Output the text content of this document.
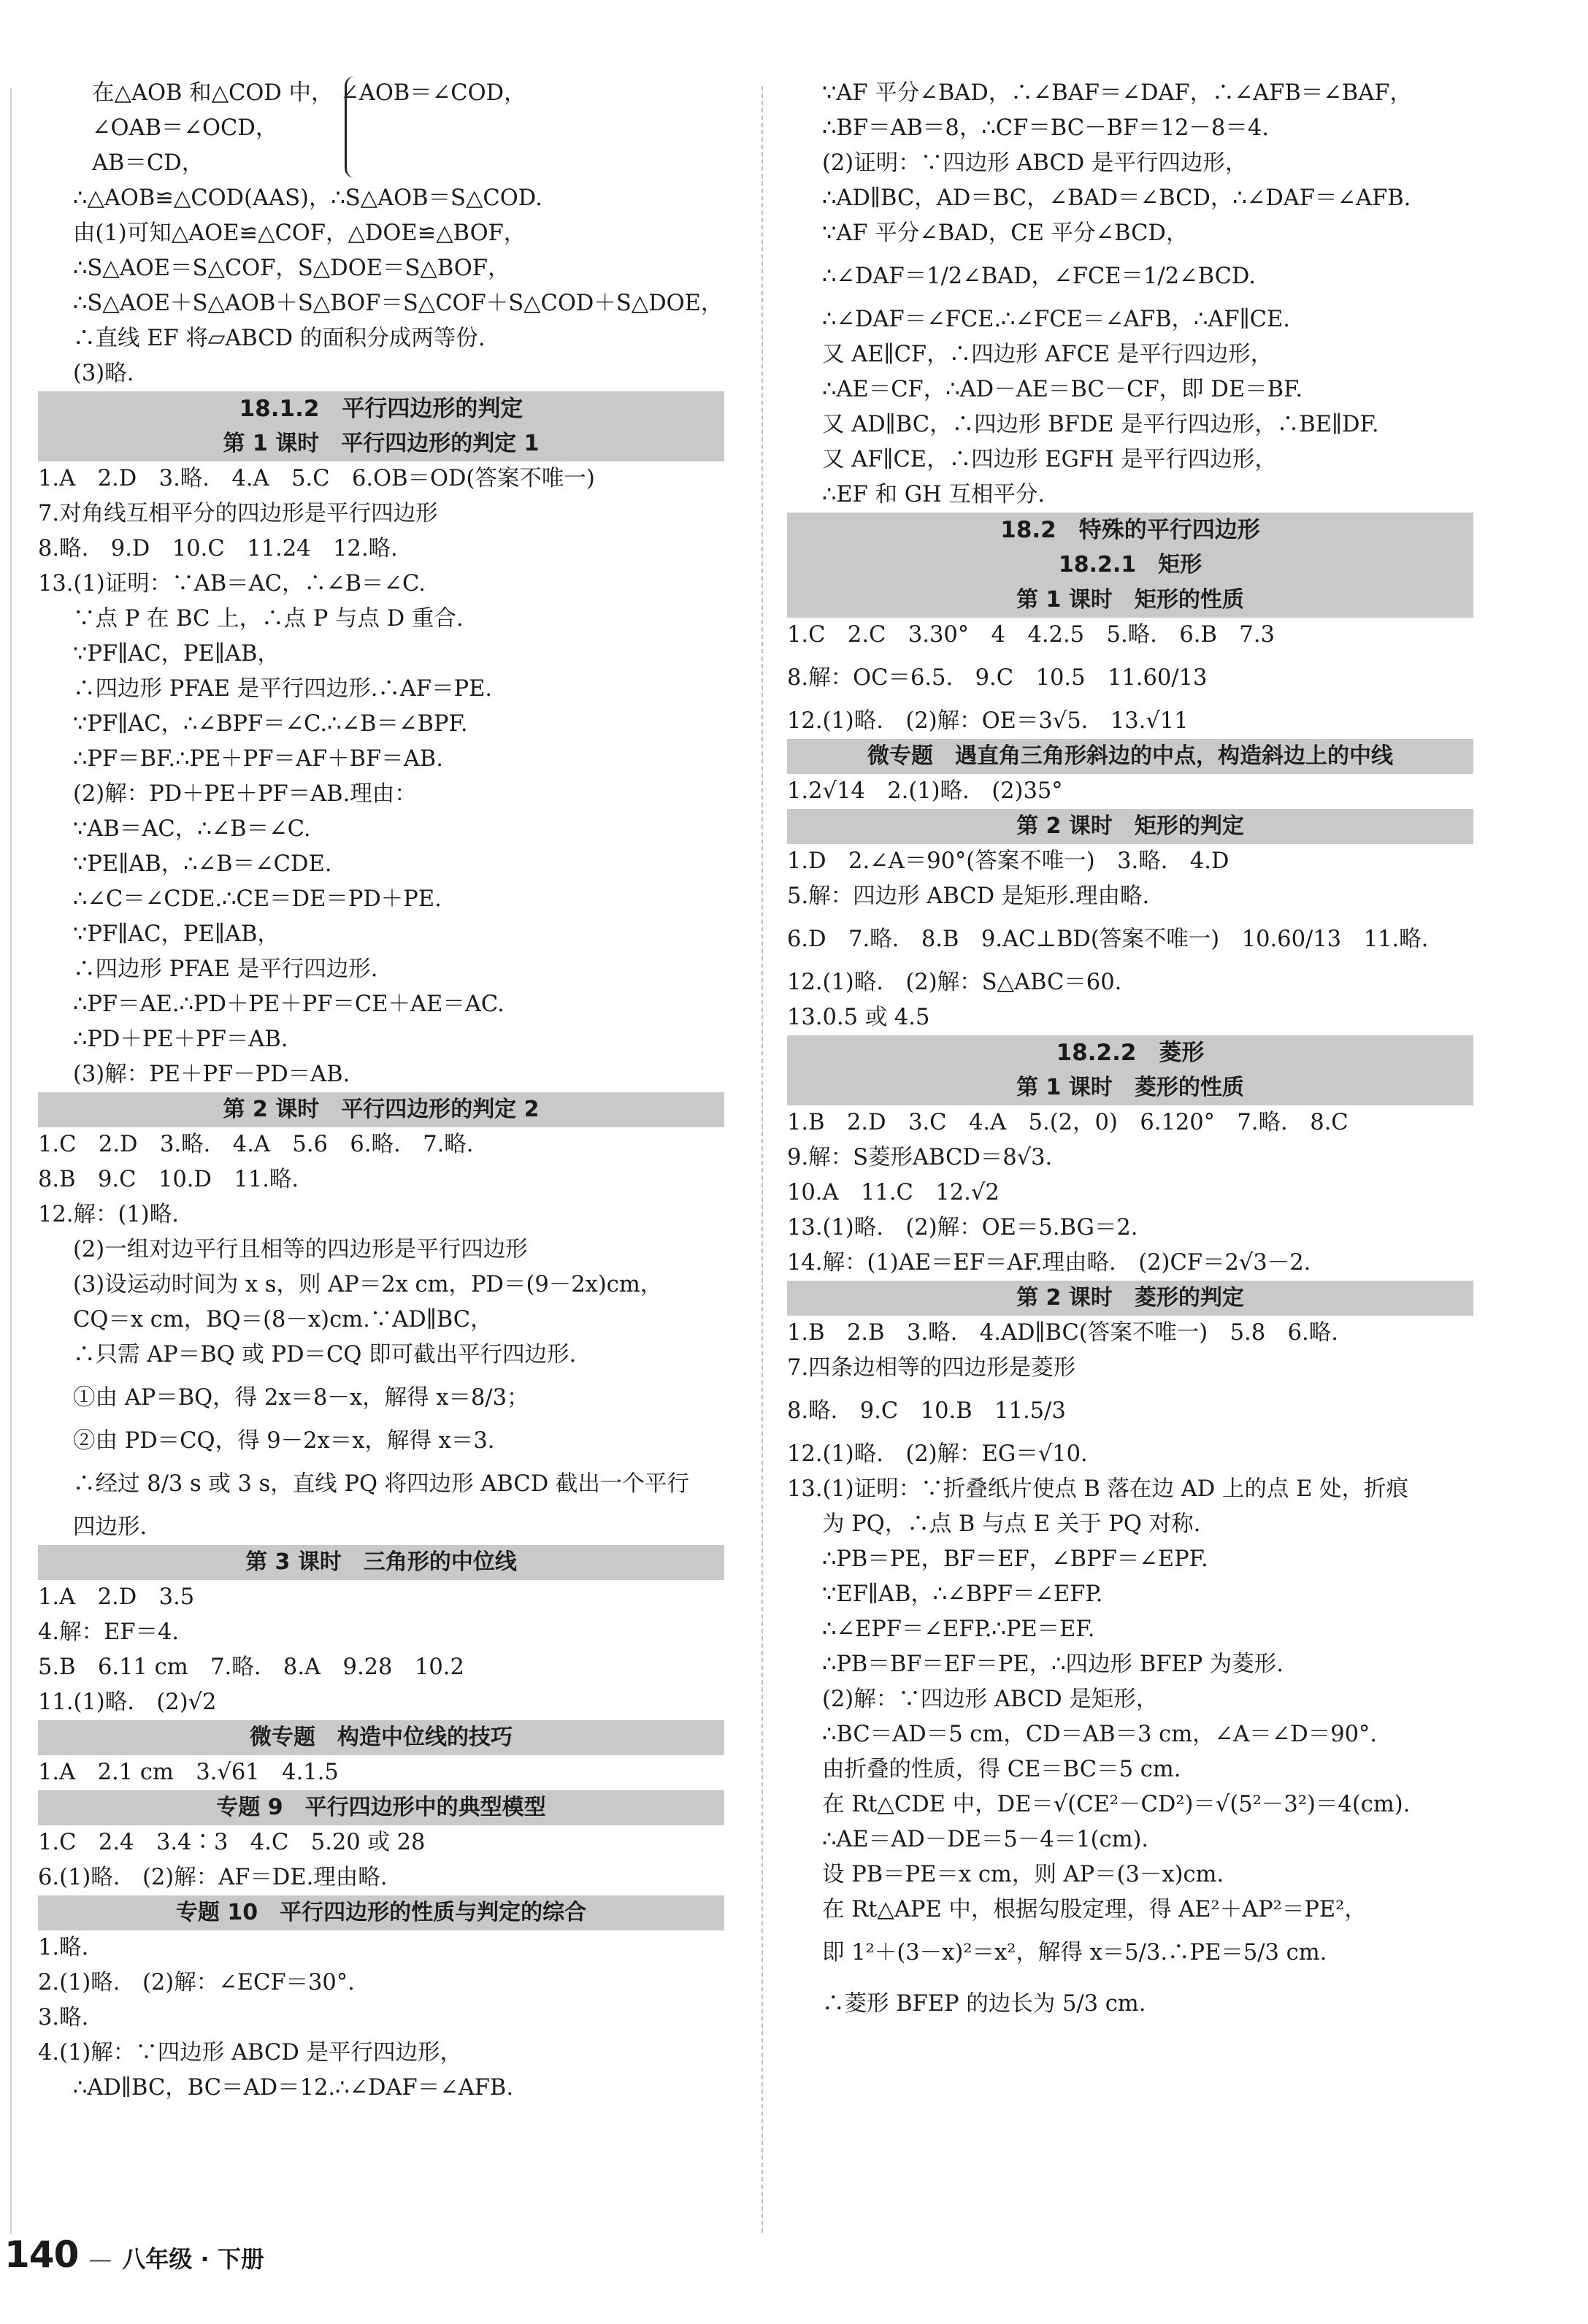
在△AOB 和△COD 中， ∠AOB＝∠COD，
∠OAB＝∠OCD，
AB＝CD，
∴△AOB≌△COD(AAS)，∴S△AOB＝S△COD.
由(1)可知△AOE≌△COF，△DOE≌△BOF，
∴S△AOE＝S△COF，S△DOE＝S△BOF，
∴S△AOE＋S△AOB＋S△BOF＝S△COF＋S△COD＋S△DOE，
∴直线 EF 将▱ABCD 的面积分成两等份.
(3)略.
18.1.2　平行四边形的判定
第 1 课时　平行四边形的判定 1
1.A　2.D　3.略.　4.A　5.C　6.OB＝OD(答案不唯一)
7.对角线互相平分的四边形是平行四边形
8.略.　9.D　10.C　11.24　12.略.
13.(1)证明：∵AB＝AC，∴∠B＝∠C.
∵点 P 在 BC 上，∴点 P 与点 D 重合.
∵PF∥AC，PE∥AB，
∴四边形 PFAE 是平行四边形.∴AF＝PE.
∵PF∥AC，∴∠BPF＝∠C.∴∠B＝∠BPF.
∴PF＝BF.∴PE＋PF＝AF＋BF＝AB.
(2)解：PD＋PE＋PF＝AB.理由：
∵AB＝AC，∴∠B＝∠C.
∵PE∥AB，∴∠B＝∠CDE.
∴∠C＝∠CDE.∴CE＝DE＝PD＋PE.
∵PF∥AC，PE∥AB，
∴四边形 PFAE 是平行四边形.
∴PF＝AE.∴PD＋PE＋PF＝CE＋AE＝AC.
∴PD＋PE＋PF＝AB.
(3)解：PE＋PF－PD＝AB.
第 2 课时　平行四边形的判定 2
1.C　2.D　3.略.　4.A　5.6　6.略.　7.略.
8.B　9.C　10.D　11.略.
12.解：(1)略.
(2)一组对边平行且相等的四边形是平行四边形
(3)设运动时间为 x s，则 AP＝2x cm，PD＝(9－2x)cm，
CQ＝x cm，BQ＝(8－x)cm.∵AD∥BC，
∴只需 AP＝BQ 或 PD＝CQ 即可截出平行四边形.
①由 AP＝BQ，得 2x＝8－x，解得 x＝8/3；
②由 PD＝CQ，得 9－2x＝x，解得 x＝3.
∴经过 8/3 s 或 3 s，直线 PQ 将四边形 ABCD 截出一个平行
四边形.
第 3 课时　三角形的中位线
1.A　2.D　3.5
4.解：EF＝4.
5.B　6.11 cm　7.略.　8.A　9.28　10.2
11.(1)略.　(2)√2
微专题　构造中位线的技巧
1.A　2.1 cm　3.√61　4.1.5
专题 9　平行四边形中的典型模型
1.C　2.4　3.4∶3　4.C　5.20 或 28
6.(1)略.　(2)解：AF＝DE.理由略.
专题 10　平行四边形的性质与判定的综合
1.略.
2.(1)略.　(2)解：∠ECF＝30°.
3.略.
4.(1)解：∵四边形 ABCD 是平行四边形，
∴AD∥BC，BC＝AD＝12.∴∠DAF＝∠AFB.
∵AF 平分∠BAD，∴∠BAF＝∠DAF，∴∠AFB＝∠BAF，
∴BF＝AB＝8，∴CF＝BC－BF＝12－8＝4.
(2)证明：∵四边形 ABCD 是平行四边形，
∴AD∥BC，AD＝BC，∠BAD＝∠BCD，∴∠DAF＝∠AFB.
∵AF 平分∠BAD，CE 平分∠BCD，
∴∠DAF＝1/2∠BAD，∠FCE＝1/2∠BCD.
∴∠DAF＝∠FCE.∴∠FCE＝∠AFB，∴AF∥CE.
又 AE∥CF，∴四边形 AFCE 是平行四边形，
∴AE＝CF，∴AD－AE＝BC－CF，即 DE＝BF.
又 AD∥BC，∴四边形 BFDE 是平行四边形，∴BE∥DF.
又 AF∥CE，∴四边形 EGFH 是平行四边形，
∴EF 和 GH 互相平分.
18.2　特殊的平行四边形
18.2.1　矩形
第 1 课时　矩形的性质
1.C　2.C　3.30°　4　4.2.5　5.略.　6.B　7.3
8.解：OC＝6.5.　9.C　10.5　11.60/13
12.(1)略.　(2)解：OE＝3√5.　13.√11
微专题　遇直角三角形斜边的中点，构造斜边上的中线
1.2√14　2.(1)略.　(2)35°
第 2 课时　矩形的判定
1.D　2.∠A＝90°(答案不唯一)　3.略.　4.D
5.解：四边形 ABCD 是矩形.理由略.
6.D　7.略.　8.B　9.AC⊥BD(答案不唯一)　10.60/13　11.略.
12.(1)略.　(2)解：S△ABC＝60.
13.0.5 或 4.5
18.2.2　菱形
第 1 课时　菱形的性质
1.B　2.D　3.C　4.A　5.(2，0)　6.120°　7.略.　8.C
9.解：S菱形ABCD＝8√3.
10.A　11.C　12.√2
13.(1)略.　(2)解：OE＝5.BG＝2.
14.解：(1)AE＝EF＝AF.理由略.　(2)CF＝2√3－2.
第 2 课时　菱形的判定
1.B　2.B　3.略.　4.AD∥BC(答案不唯一)　5.8　6.略.
7.四条边相等的四边形是菱形
8.略.　9.C　10.B　11.5/3
12.(1)略.　(2)解：EG＝√10.
13.(1)证明：∵折叠纸片使点 B 落在边 AD 上的点 E 处，折痕
为 PQ，∴点 B 与点 E 关于 PQ 对称.
∴PB＝PE，BF＝EF，∠BPF＝∠EPF.
∵EF∥AB，∴∠BPF＝∠EFP.
∴∠EPF＝∠EFP.∴PE＝EF.
∴PB＝BF＝EF＝PE，∴四边形 BFEP 为菱形.
(2)解：∵四边形 ABCD 是矩形，
∴BC＝AD＝5 cm，CD＝AB＝3 cm，∠A＝∠D＝90°.
由折叠的性质，得 CE＝BC＝5 cm.
在 Rt△CDE 中，DE＝√(CE²－CD²)＝√(5²－3²)＝4(cm).
∴AE＝AD－DE＝5－4＝1(cm).
设 PB＝PE＝x cm，则 AP＝(3－x)cm.
在 Rt△APE 中，根据勾股定理，得 AE²＋AP²＝PE²，
即 1²＋(3－x)²＝x²，解得 x＝5/3.∴PE＝5/3 cm.
∴菱形 BFEP 的边长为 5/3 cm.
140 — 八年级 · 下册
